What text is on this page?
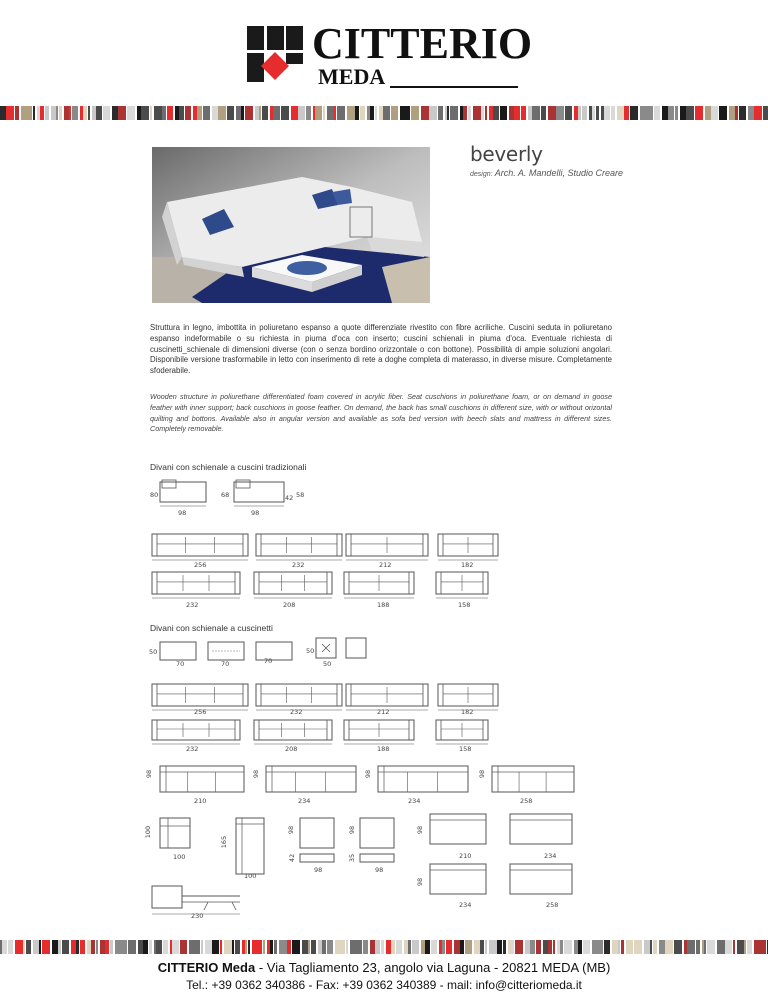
CITTERIO
MEDA
beverly
design: Arch. A. Mandelli, Studio Creare
Struttura in legno, imbottita in poliuretano espanso a quote differenziate rivestito con fibre acriliche. Cuscini seduta in poliuretano espanso indeformabile o su richiesta in piuma d'oca con inserto; cuscini schienali in piuma d'oca. Eventuale richiesta di cuscinetti_schienale di dimensioni diverse (con o senza bordino orizzontale o con bottone). Possibilità di ampie soluzioni angolari. Disponibile versione trasformabile in letto con inserimento di rete a doghe completa di materasso, in diverse misure. Completamente sfoderabile.
Wooden structure in poliurethane differentiated foam covered in acrylic fiber. Seat cuschions in poliurethane foam, or on demand in goose feather with inner support; back cuschions in goose feather. On demand, the back has small cuschions in different size, with or without orizontal quilting and bottons. Available also in angular version and available as sofa bed version with beech slats and mattress in different sizes. Completely removable.
Divani con schienale a cuscini tradizionali
80
98
68
98
42 58
256	232	212	182
232	208	188	158
Divani con schienale a cuscinetti
50
70	70	70
50
50
256	232	212	182
232	208	188	158
98	98	98	98
210	234	234	258
100
165
98	98	98
98
42	35
100
100
98	98
210	234
234	258
230
CITTERIO Meda - Via Tagliamento 23, angolo via Laguna - 20821 MEDA (MB)
Tel.: +39 0362 340386 - Fax: +39 0362 340389 - mail: info@citteriomeda.it
